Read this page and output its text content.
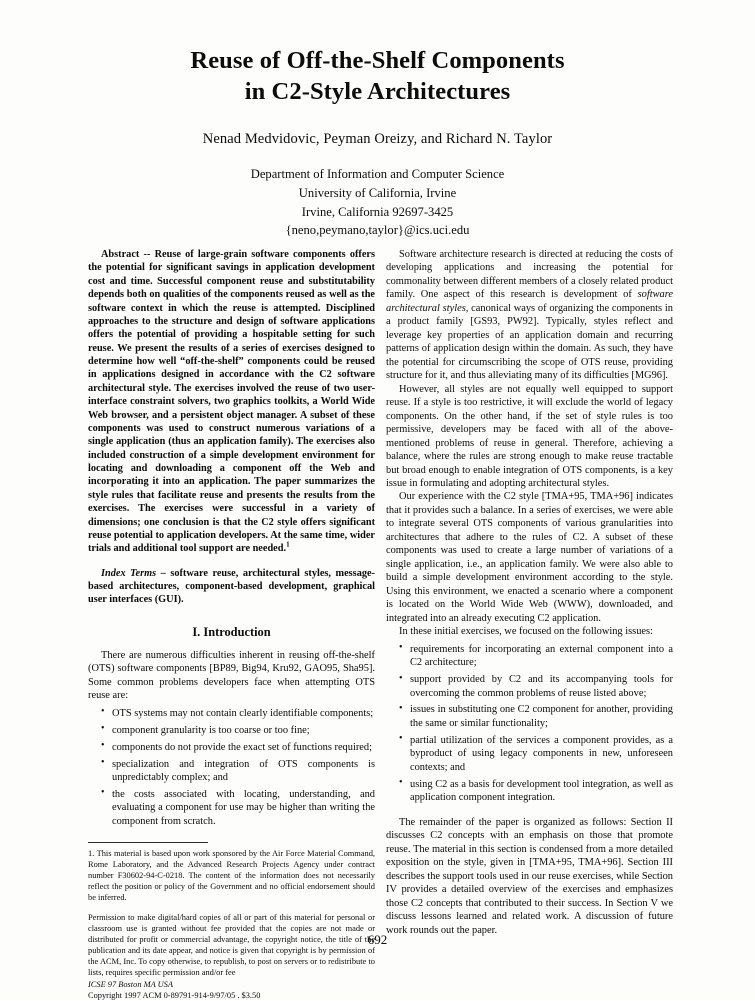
Reuse of Off-the-Shelf Components
in C2-Style Architectures
Nenad Medvidovic, Peyman Oreizy, and Richard N. Taylor
Department of Information and Computer Science
University of California, Irvine
Irvine, California 92697-3425
{neno,peymano,taylor}@ics.uci.edu

Abstract -- Reuse of large-grain software components offers the potential for significant savings in application development cost and time. Successful component reuse and substitutability depends both on qualities of the components reused as well as the software context in which the reuse is attempted. Disciplined approaches to the structure and design of software applications offers the potential of providing a hospitable setting for such reuse. We present the results of a series of exercises designed to determine how well “off-the-shelf” components could be reused in applications designed in accordance with the C2 software architectural style. The exercises involved the reuse of two user-interface constraint solvers, two graphics toolkits, a World Wide Web browser, and a persistent object manager. A subset of these components was used to construct numerous variations of a single application (thus an application family). The exercises also included construction of a simple development environment for locating and downloading a component off the Web and incorporating it into an application. The paper summarizes the style rules that facilitate reuse and presents the results from the exercises. The exercises were successful in a variety of dimensions; one conclusion is that the C2 style offers significant reuse potential to application developers. At the same time, wider trials and additional tool support are needed.$^1$

Index Terms – software reuse, architectural styles, message-based architectures, component-based development, graphical user interfaces (GUI).

I. Introduction

There are numerous difficulties inherent in reusing off-the-shelf (OTS) software components [BP89, Big94, Kru92, GAO95, Sha95]. Some common problems developers face when attempting OTS reuse are:

• OTS systems may not contain clearly identifiable components;
• component granularity is too coarse or too fine;
• components do not provide the exact set of functions required;
• specialization and integration of OTS components is unpredictably complex; and
• the costs associated with locating, understanding, and evaluating a component for use may be higher than writing the component from scratch.

1. This material is based upon work sponsored by the Air Force Material Command, Rome Laboratory, and the Advanced Research Projects Agency under contract number F30602-94-C-0218. The content of the information does not necessarily reflect the position or policy of the Government and no official endorsement should be inferred.

Permission to make digital/hard copies of all or part of this material for personal or classroom use is granted without fee provided that the copies are not made or distributed for profit or commercial advantage, the copyright notice, the title of the publication and its date appear, and notice is given that copyright is by permission of the ACM, Inc. To copy otherwise, to republish, to post on servers or to redistribute to lists, requires specific permission and/or fee

ICSE 97 Boston MA USA
Copyright 1997 ACM 0-89791-914-9/97/05 . $3.50

Software architecture research is directed at reducing the costs of developing applications and increasing the potential for commonality between different members of a closely related product family. One aspect of this research is development of software architectural styles, canonical ways of organizing the components in a product family [GS93, PW92]. Typically, styles reflect and leverage key properties of an application domain and recurring patterns of application design within the domain. As such, they have the potential for circumscribing the scope of OTS reuse, providing structure for it, and thus alleviating many of its difficulties [MG96].

However, all styles are not equally well equipped to support reuse. If a style is too restrictive, it will exclude the world of legacy components. On the other hand, if the set of style rules is too permissive, developers may be faced with all of the above-mentioned problems of reuse in general. Therefore, achieving a balance, where the rules are strong enough to make reuse tractable but broad enough to enable integration of OTS components, is a key issue in formulating and adopting architectural styles.

Our experience with the C2 style [TMA+95, TMA+96] indicates that it provides such a balance. In a series of exercises, we were able to integrate several OTS components of various granularities into architectures that adhere to the rules of C2. A subset of these components was used to create a large number of variations of a single application, i.e., an application family. We were also able to build a simple development environment according to the style. Using this environment, we enacted a scenario where a component is located on the World Wide Web (WWW), downloaded, and integrated into an already executing C2 application.

In these initial exercises, we focused on the following issues:

• requirements for incorporating an external component into a C2 architecture;
• support provided by C2 and its accompanying tools for overcoming the common problems of reuse listed above;
• issues in substituting one C2 component for another, providing the same or similar functionality;
• partial utilization of the services a component provides, as a byproduct of using legacy components in new, unforeseen contexts; and
• using C2 as a basis for development tool integration, as well as application component integration.

The remainder of the paper is organized as follows: Section II discusses C2 concepts with an emphasis on those that promote reuse. The material in this section is condensed from a more detailed exposition on the style, given in [TMA+95, TMA+96]. Section III describes the support tools used in our reuse exercises, while Section IV provides a detailed overview of the exercises and emphasizes those C2 concepts that contributed to their success. In Section V we discuss lessons learned and related work. A discussion of future work rounds out the paper.

692
